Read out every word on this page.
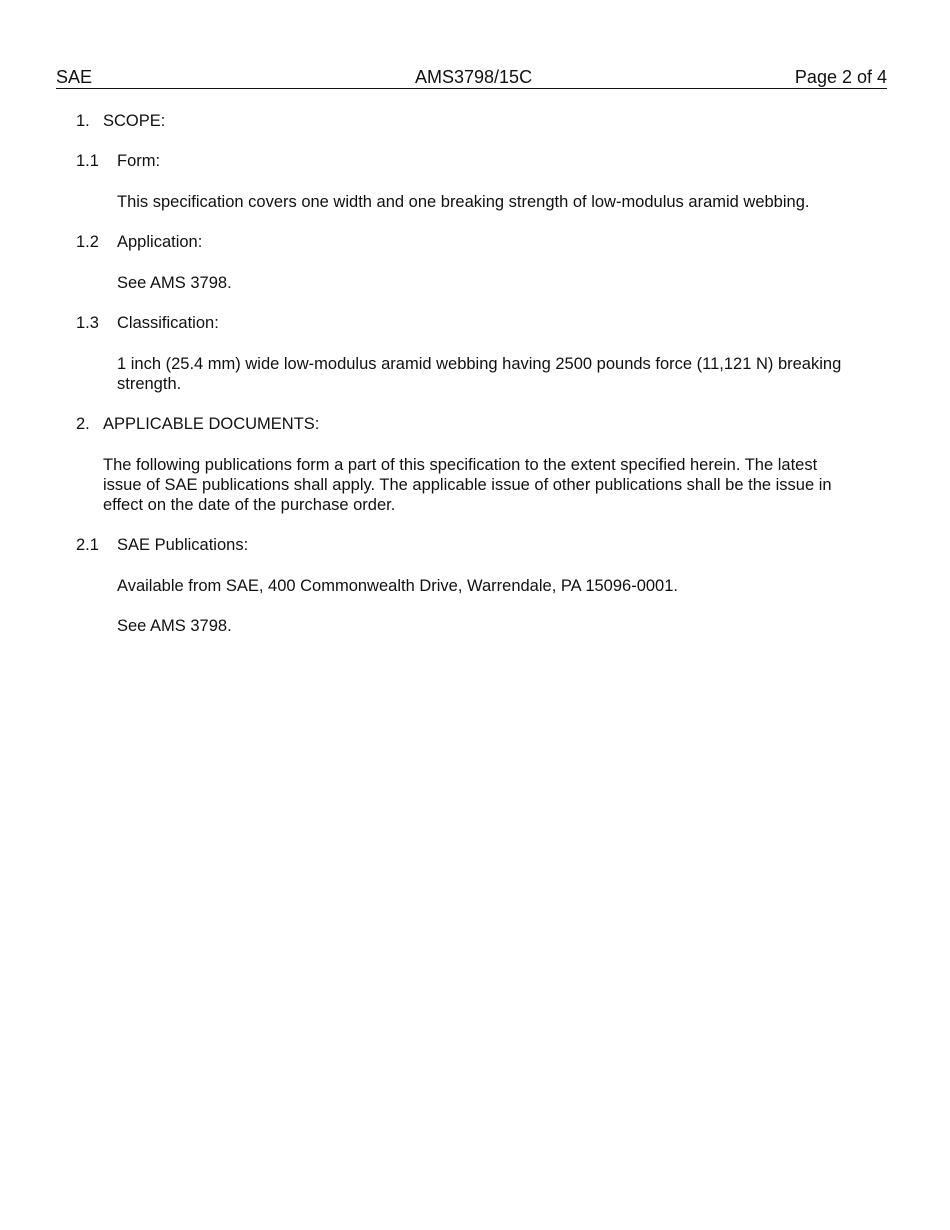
SAE	AMS3798/15C	Page 2 of 4
1. SCOPE:
1.1 Form:
This specification covers one width and one breaking strength of low-modulus aramid webbing.
1.2 Application:
See AMS 3798.
1.3 Classification:
1 inch (25.4 mm) wide low-modulus aramid webbing having 2500 pounds force (11,121 N) breaking
strength.
2. APPLICABLE DOCUMENTS:
The following publications form a part of this specification to the extent specified herein. The latest
issue of SAE publications shall apply. The applicable issue of other publications shall be the issue in
effect on the date of the purchase order.
2.1 SAE Publications:
Available from SAE, 400 Commonwealth Drive, Warrendale, PA 15096-0001.
See AMS 3798.
